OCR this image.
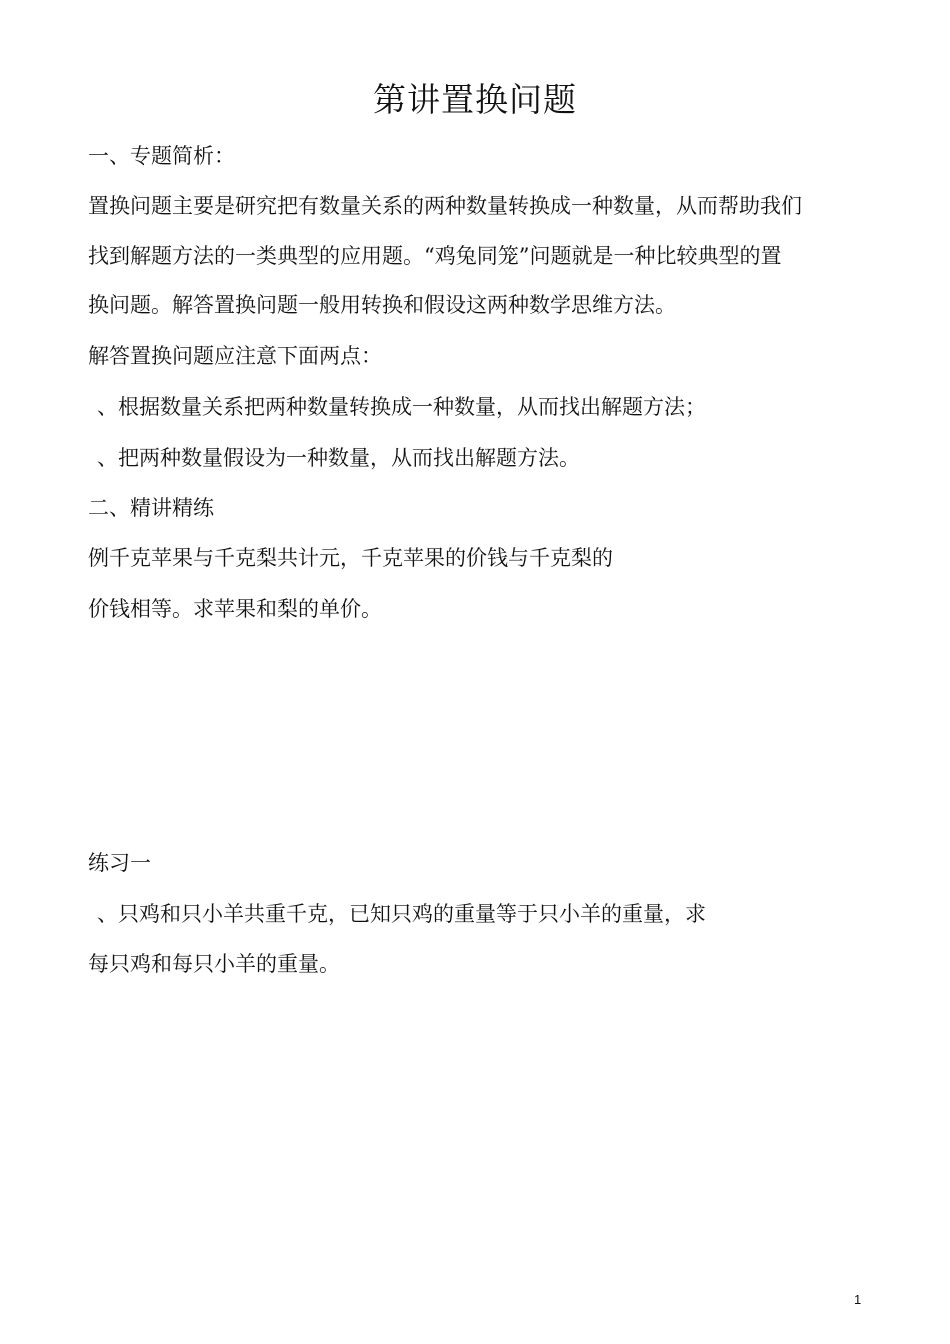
第讲置换问题
一、专题简析：
置换问题主要是研究把有数量关系的两种数量转换成一种数量，从而帮助我们
找到解题方法的一类典型的应用题。“鸡兔同笼”问题就是一种比较典型的置
换问题。解答置换问题一般用转换和假设这两种数学思维方法。
解答置换问题应注意下面两点：
、根据数量关系把两种数量转换成一种数量，从而找出解题方法；
、把两种数量假设为一种数量，从而找出解题方法。
二、精讲精练
例千克苹果与千克梨共计元，千克苹果的价钱与千克梨的
价钱相等。求苹果和梨的单价。
练习一
、只鸡和只小羊共重千克，已知只鸡的重量等于只小羊的重量，求
每只鸡和每只小羊的重量。
1
